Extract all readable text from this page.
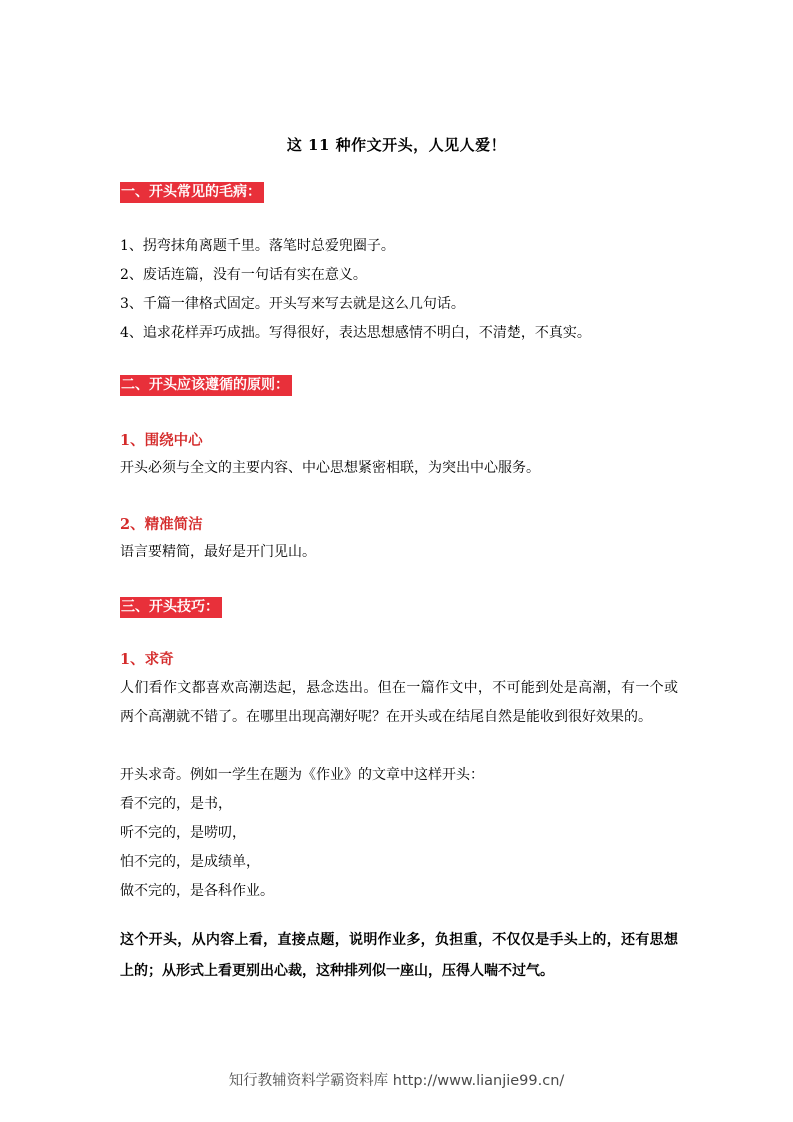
这 11 种作文开头，人见人爱！
一、开头常见的毛病：
1、拐弯抹角离题千里。落笔时总爱兜圈子。
2、废话连篇，没有一句话有实在意义。
3、千篇一律格式固定。开头写来写去就是这么几句话。
4、追求花样弄巧成拙。写得很好，表达思想感情不明白，不清楚，不真实。
二、开头应该遵循的原则：
1、围绕中心
开头必须与全文的主要内容、中心思想紧密相联，为突出中心服务。
2、精准简洁
语言要精简，最好是开门见山。
三、开头技巧：
1、求奇
人们看作文都喜欢高潮迭起，悬念迭出。但在一篇作文中，不可能到处是高潮，有一个或两个高潮就不错了。在哪里出现高潮好呢？在开头或在结尾自然是能收到很好效果的。
开头求奇。例如一学生在题为《作业》的文章中这样开头：
看不完的，是书，
听不完的，是唠叨，
怕不完的，是成绩单，
做不完的，是各科作业。
这个开头，从内容上看，直接点题，说明作业多，负担重，不仅仅是手头上的，还有思想上的；从形式上看更别出心裁，这种排列似一座山，压得人喘不过气。
知行教辅资料学霸资料库 http://www.lianjie99.cn/
